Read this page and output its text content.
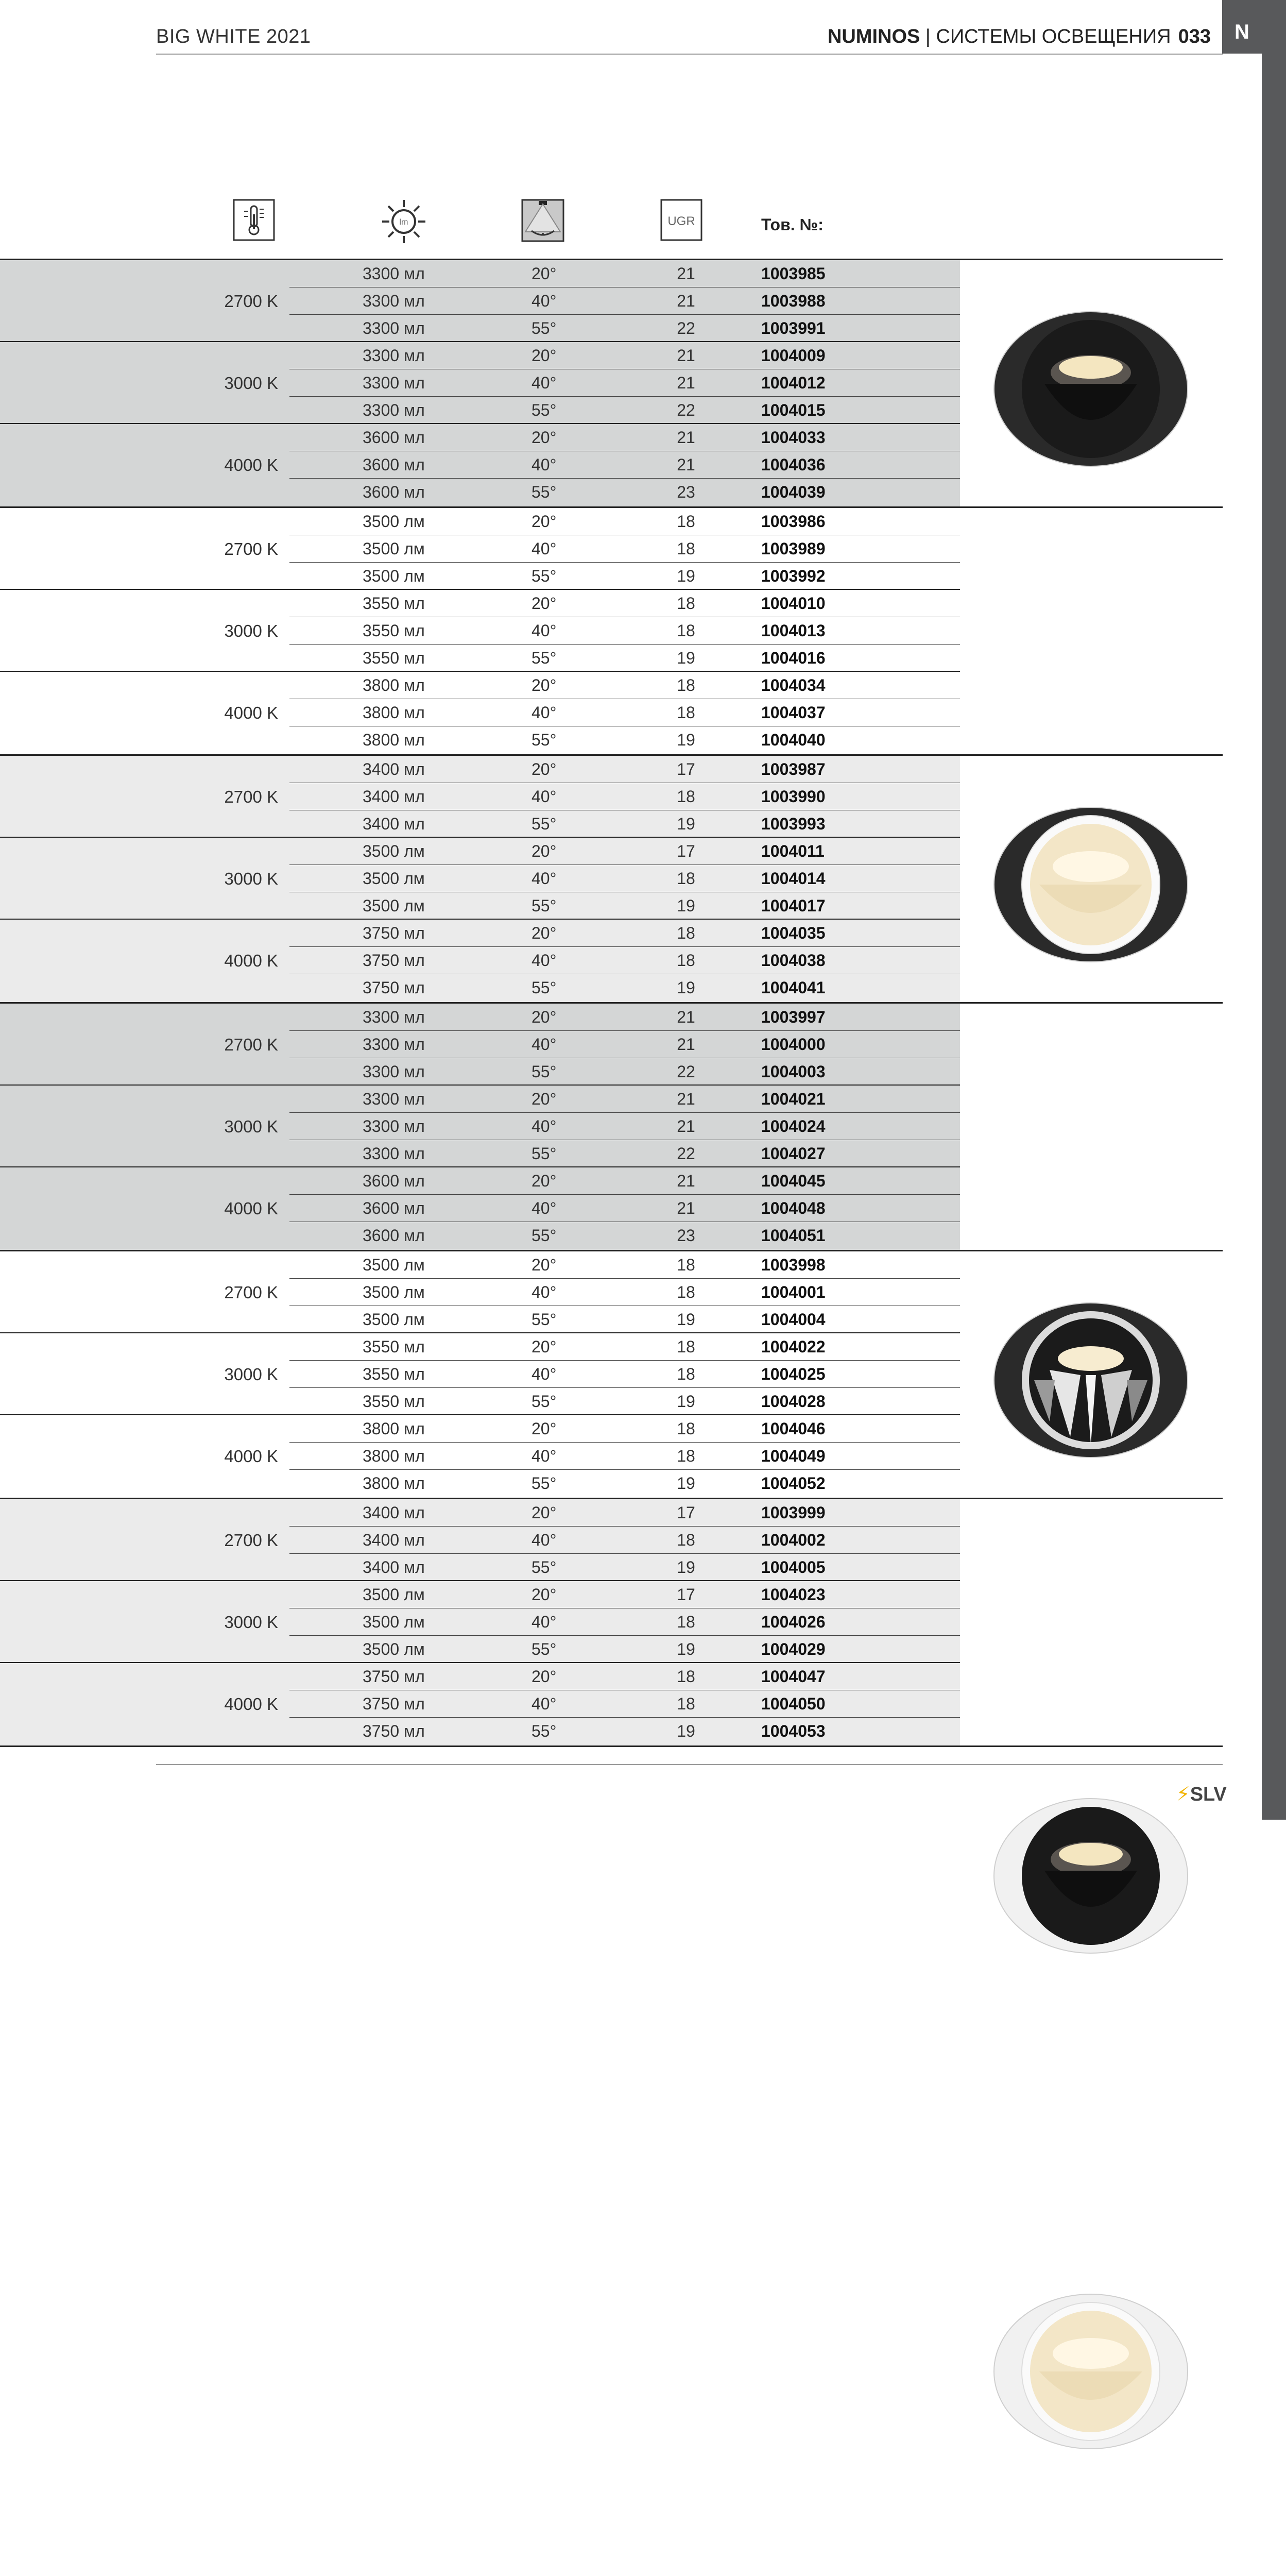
BIG WHITE 2021	NUMINOS | СИСТЕМЫ ОСВЕЩЕНИЯ 033	N
lm	UGR	Тов. №:
2700 K
3300 мл	20°	21	1003985
3300 мл	40°	21	1003988
3300 мл	55°	22	1003991
3000 K
3300 мл	20°	21	1004009
3300 мл	40°	21	1004012
3300 мл	55°	22	1004015
4000 K
3600 мл	20°	21	1004033
3600 мл	40°	21	1004036
3600 мл	55°	23	1004039
2700 K
3500 лм	20°	18	1003986
3500 лм	40°	18	1003989
3500 лм	55°	19	1003992
3000 K
3550 мл	20°	18	1004010
3550 мл	40°	18	1004013
3550 мл	55°	19	1004016
4000 K
3800 мл	20°	18	1004034
3800 мл	40°	18	1004037
3800 мл	55°	19	1004040
2700 K
3400 мл	20°	17	1003987
3400 мл	40°	18	1003990
3400 мл	55°	19	1003993
3000 K
3500 лм	20°	17	1004011
3500 лм	40°	18	1004014
3500 лм	55°	19	1004017
4000 K
3750 мл	20°	18	1004035
3750 мл	40°	18	1004038
3750 мл	55°	19	1004041
2700 K
3300 мл	20°	21	1003997
3300 мл	40°	21	1004000
3300 мл	55°	22	1004003
3000 K
3300 мл	20°	21	1004021
3300 мл	40°	21	1004024
3300 мл	55°	22	1004027
4000 K
3600 мл	20°	21	1004045
3600 мл	40°	21	1004048
3600 мл	55°	23	1004051
2700 K
3500 лм	20°	18	1003998
3500 лм	40°	18	1004001
3500 лм	55°	19	1004004
3000 K
3550 мл	20°	18	1004022
3550 мл	40°	18	1004025
3550 мл	55°	19	1004028
4000 K
3800 мл	20°	18	1004046
3800 мл	40°	18	1004049
3800 мл	55°	19	1004052
2700 K
3400 мл	20°	17	1003999
3400 мл	40°	18	1004002
3400 мл	55°	19	1004005
3000 K
3500 лм	20°	17	1004023
3500 лм	40°	18	1004026
3500 лм	55°	19	1004029
4000 K
3750 мл	20°	18	1004047
3750 мл	40°	18	1004050
3750 мл	55°	19	1004053
⚡SLV
